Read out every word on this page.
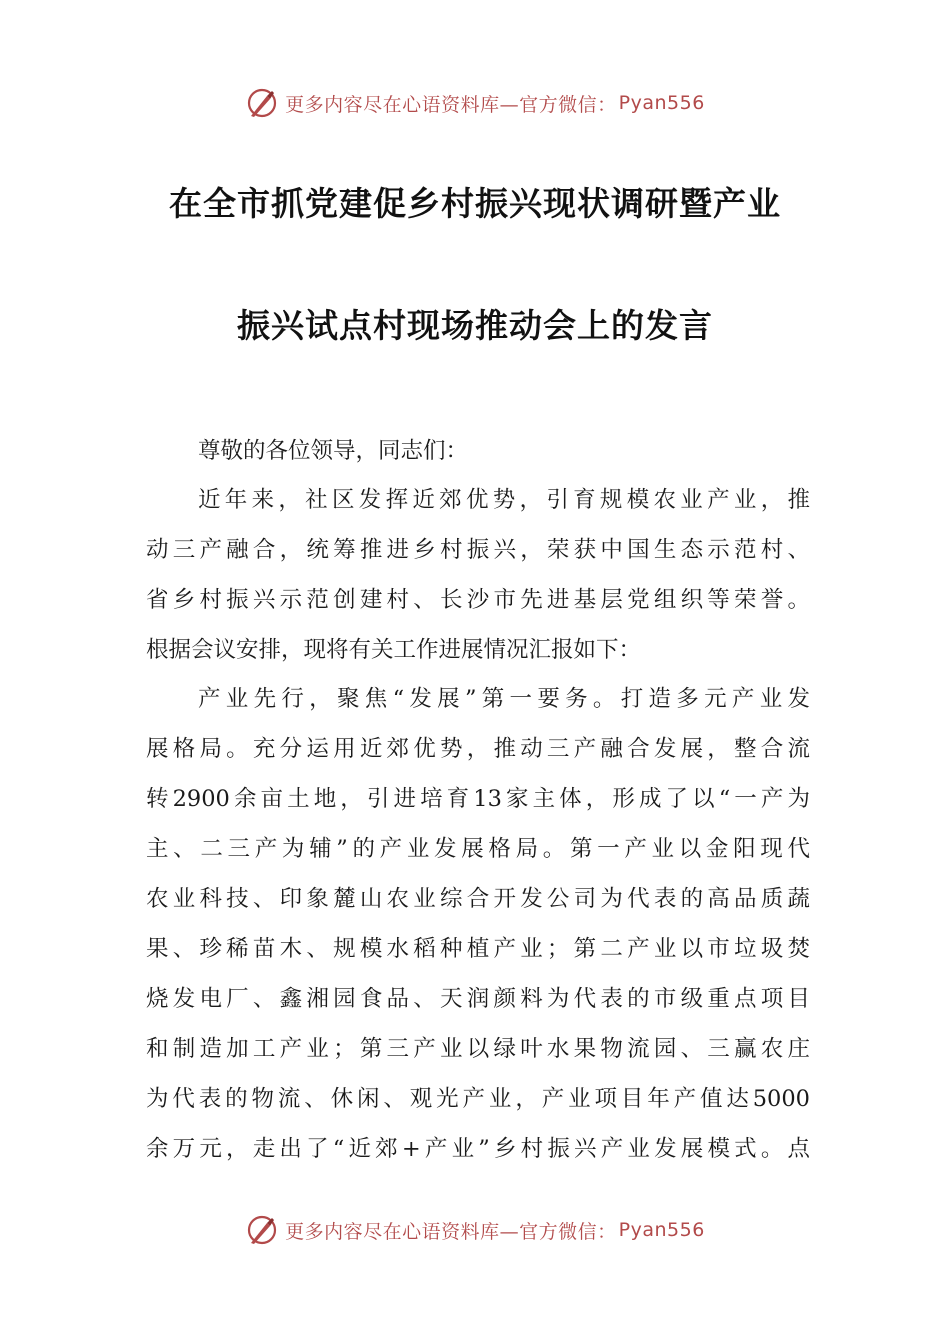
更多内容尽在心语资料库—官方微信： Pyan556
在全市抓党建促乡村振兴现状调研暨产业
振兴试点村现场推动会上的发言
尊敬的各位领导，同志们：
近年来，社区发挥近郊优势，引育规模农业产业，推
动三产融合，统筹推进乡村振兴，荣获中国生态示范村、
省乡村振兴示范创建村、长沙市先进基层党组织等荣誉。
根据会议安排，现将有关工作进展情况汇报如下：
产业先行，聚焦“发展”第一要务。打造多元产业发
展格局。充分运用近郊优势，推动三产融合发展，整合流
转2900余亩土地，引进培育13家主体，形成了以“一产为
主、二三产为辅”的产业发展格局。第一产业以金阳现代
农业科技、印象麓山农业综合开发公司为代表的高品质蔬
果、珍稀苗木、规模水稻种植产业；第二产业以市垃圾焚
烧发电厂、鑫湘园食品、天润颜料为代表的市级重点项目
和制造加工产业；第三产业以绿叶水果物流园、三赢农庄
为代表的物流、休闲、观光产业，产业项目年产值达5000
余万元，走出了“近郊+产业”乡村振兴产业发展模式。点
更多内容尽在心语资料库—官方微信： Pyan556
